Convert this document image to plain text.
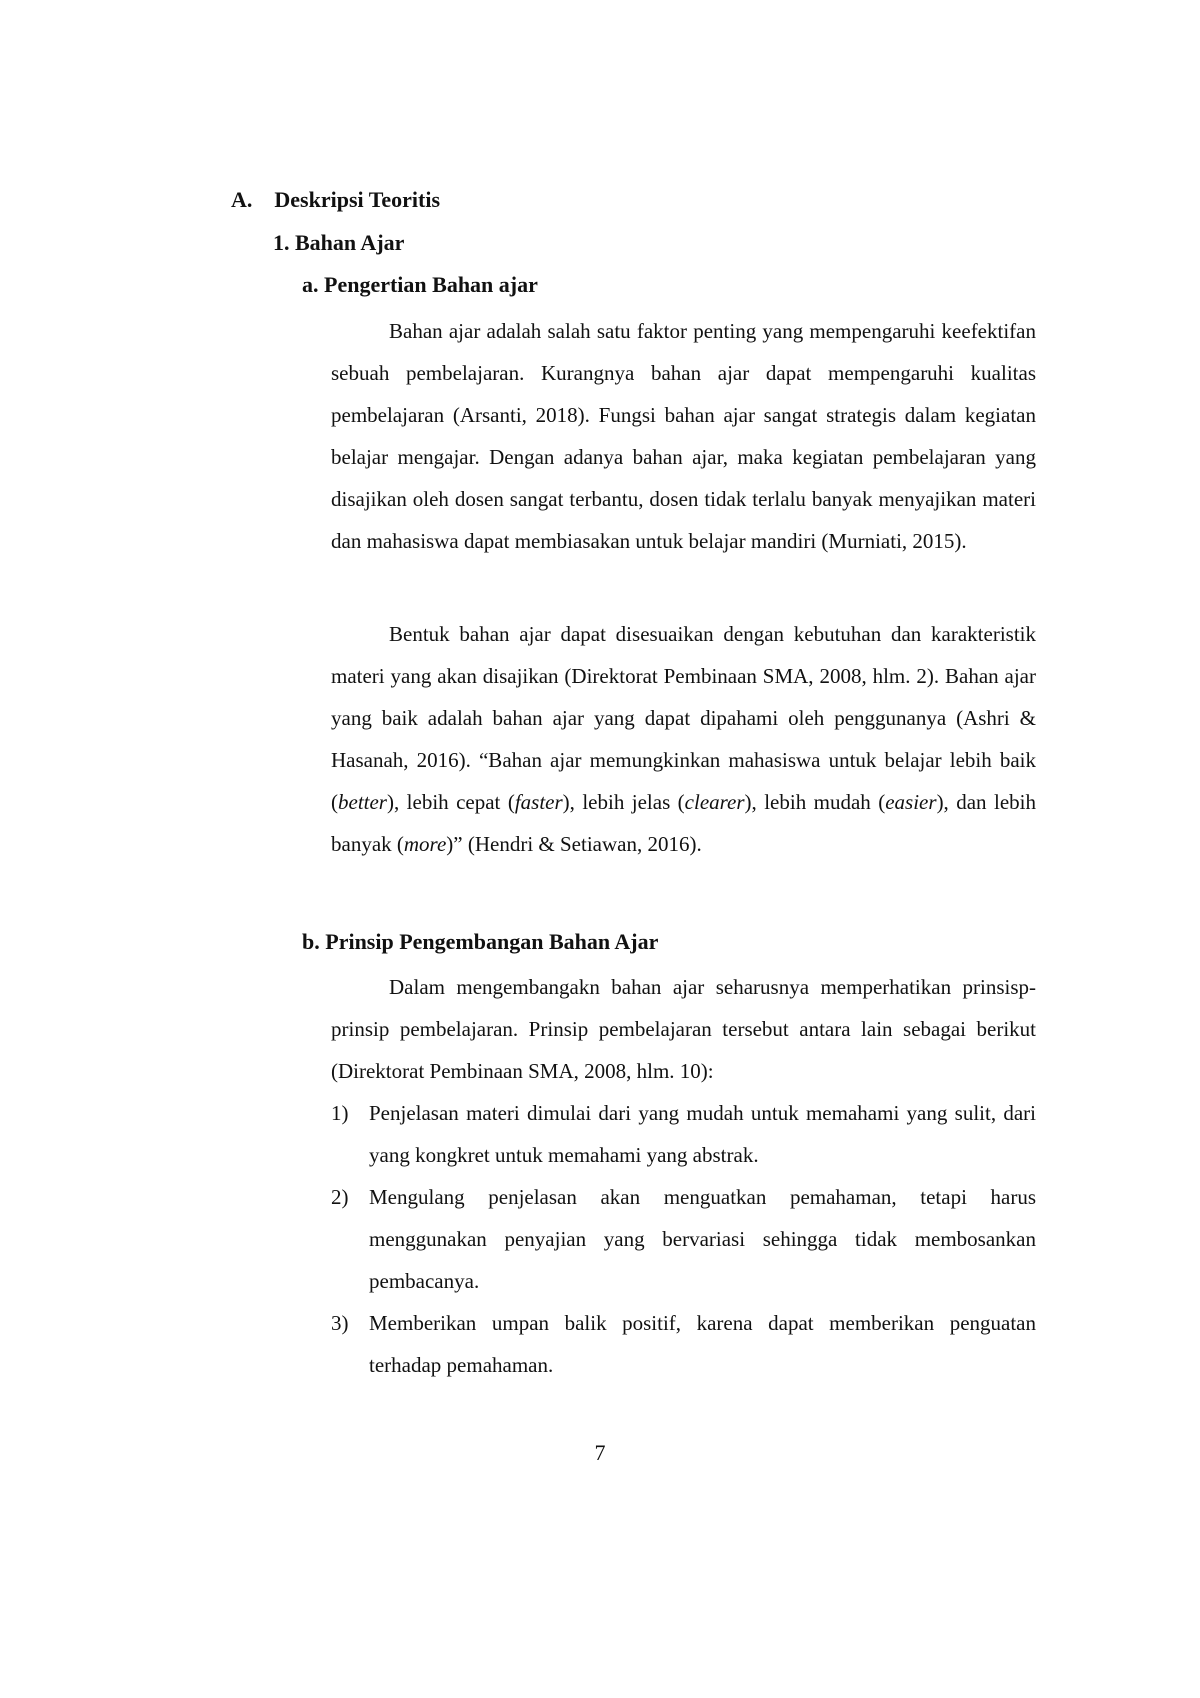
A. Deskripsi Teoritis
1. Bahan Ajar
a. Pengertian Bahan ajar

Bahan ajar adalah salah satu faktor penting yang mempengaruhi keefektifan sebuah pembelajaran. Kurangnya bahan ajar dapat mempengaruhi kualitas pembelajaran (Arsanti, 2018). Fungsi bahan ajar sangat strategis dalam kegiatan belajar mengajar. Dengan adanya bahan ajar, maka kegiatan pembelajaran yang disajikan oleh dosen sangat terbantu, dosen tidak terlalu banyak menyajikan materi dan mahasiswa dapat membiasakan untuk belajar mandiri (Murniati, 2015).

Bentuk bahan ajar dapat disesuaikan dengan kebutuhan dan karakteristik materi yang akan disajikan (Direktorat Pembinaan SMA, 2008, hlm. 2). Bahan ajar yang baik adalah bahan ajar yang dapat dipahami oleh penggunanya (Ashri & Hasanah, 2016). “Bahan ajar memungkinkan mahasiswa untuk belajar lebih baik (better), lebih cepat (faster), lebih jelas (clearer), lebih mudah (easier), dan lebih banyak (more)” (Hendri & Setiawan, 2016).

b. Prinsip Pengembangan Bahan Ajar

Dalam mengembangakn bahan ajar seharusnya memperhatikan prinsisp-prinsip pembelajaran. Prinsip pembelajaran tersebut antara lain sebagai berikut (Direktorat Pembinaan SMA, 2008, hlm. 10):

1) Penjelasan materi dimulai dari yang mudah untuk memahami yang sulit, dari yang kongkret untuk memahami yang abstrak.
2) Mengulang penjelasan akan menguatkan pemahaman, tetapi harus menggunakan penyajian yang bervariasi sehingga tidak membosankan pembacanya.
3) Memberikan umpan balik positif, karena dapat memberikan penguatan terhadap pemahaman.
7
